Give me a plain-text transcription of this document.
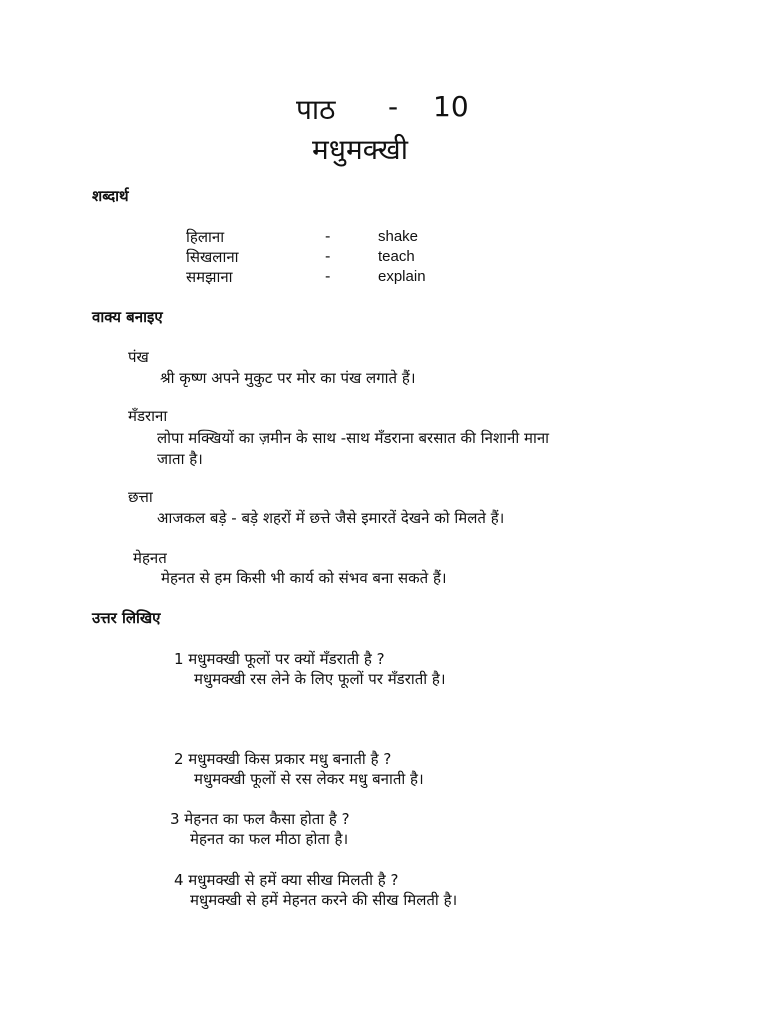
पाठ - 10
मधुमक्खी
शब्दार्थ
हिलाना	-	shake
सिखलाना	-	teach
समझाना	-	explain
वाक्य बनाइए
पंख
श्री कृष्ण अपने मुकुट पर मोर का पंख लगाते हैं।
मँडराना
लोपा मक्खियों का ज़मीन के साथ -साथ मँडराना बरसात की निशानी माना
जाता है।
छत्ता
आजकल बड़े - बड़े शहरों में छत्ते जैसे इमारतें देखने को मिलते हैं।
मेहनत
मेहनत से हम किसी भी कार्य को संभव बना सकते हैं।
उत्तर लिखिए
1 मधुमक्खी फूलों पर क्यों मँडराती है ?
मधुमक्खी रस लेने के लिए फूलों पर मँडराती है।
2 मधुमक्खी किस प्रकार मधु बनाती है ?
मधुमक्खी फूलों से रस लेकर मधु बनाती है।
3 मेहनत का फल कैसा होता है ?
मेहनत का फल मीठा होता है।
4 मधुमक्खी से हमें क्या सीख मिलती है ?
मधुमक्खी से हमें मेहनत करने की सीख मिलती है।
